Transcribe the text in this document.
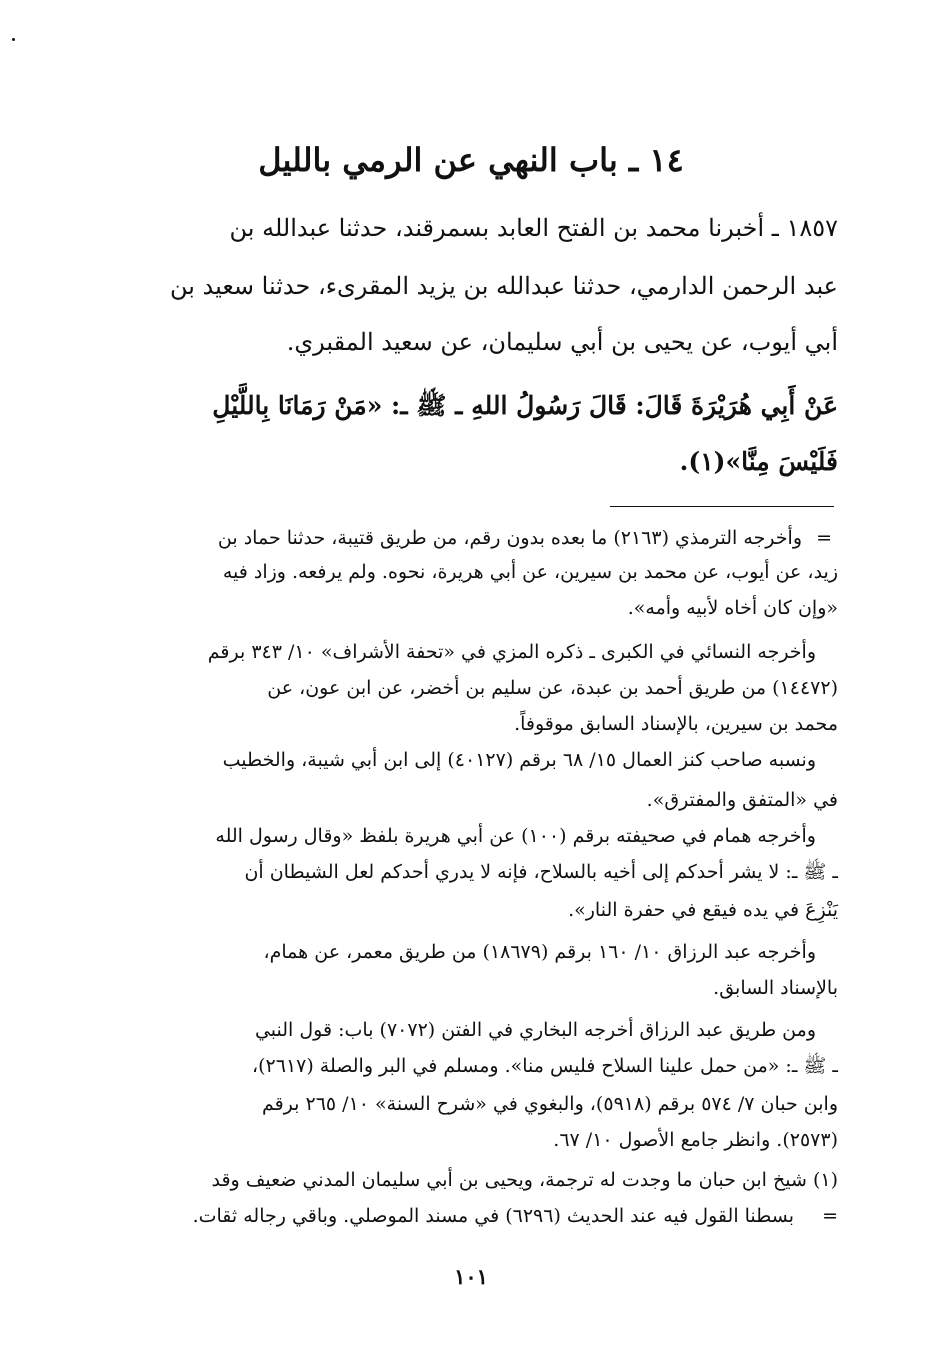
١٤ ـ باب النهي عن الرمي بالليل
١٨٥٧ ـ أخبرنا محمد بن الفتح العابد بسمرقند، حدثنا عبدالله بن
عبد الرحمن الدارمي، حدثنا عبدالله بن يزيد المقرىء، حدثنا سعيد بن
أبي أيوب، عن يحيى بن أبي سليمان، عن سعيد المقبري.
عَنْ أَبِي هُرَيْرَةَ قَالَ: قَالَ رَسُولُ اللهِ ـ ﷺ ـ: «مَنْ رَمَانَا بِاللَّيْلِ
فَلَيْسَ مِنَّا»(١).
=
وأخرجه الترمذي (٢١٦٣) ما بعده بدون رقم، من طريق قتيبة، حدثنا حماد بن
زيد، عن أيوب، عن محمد بن سيرين، عن أبي هريرة، نحوه. ولم يرفعه. وزاد فيه
«وإن كان أخاه لأبيه وأمه».
وأخرجه النسائي في الكبرى ـ ذكره المزي في «تحفة الأشراف» ١٠/ ٣٤٣ برقم
(١٤٤٧٢) من طريق أحمد بن عبدة، عن سليم بن أخضر، عن ابن عون، عن
محمد بن سيرين، بالإسناد السابق موقوفاً.
ونسبه صاحب كنز العمال ١٥/ ٦٨ برقم (٤٠١٢٧) إلى ابن أبي شيبة، والخطيب
في «المتفق والمفترق».
وأخرجه همام في صحيفته برقم (١٠٠) عن أبي هريرة بلفظ «وقال رسول الله
ـ ﷺ ـ: لا يشر أحدكم إلى أخيه بالسلاح، فإنه لا يدري أحدكم لعل الشيطان أن
يَنْزِعَ في يده فيقع في حفرة النار».
وأخرجه عبد الرزاق ١٠/ ١٦٠ برقم (١٨٦٧٩) من طريق معمر، عن همام،
بالإسناد السابق.
ومن طريق عبد الرزاق أخرجه البخاري في الفتن (٧٠٧٢) باب: قول النبي
ـ ﷺ ـ: «من حمل علينا السلاح فليس منا». ومسلم في البر والصلة (٢٦١٧)،
وابن حبان ٧/ ٥٧٤ برقم (٥٩١٨)، والبغوي في «شرح السنة» ١٠/ ٢٦٥ برقم
(٢٥٧٣). وانظر جامع الأصول ١٠/ ٦٧.
(١) شيخ ابن حبان ما وجدت له ترجمة، ويحيى بن أبي سليمان المدني ضعيف وقد
بسطنا القول فيه عند الحديث (٦٢٩٦) في مسند الموصلي. وباقي رجاله ثقات. =
١٠١
